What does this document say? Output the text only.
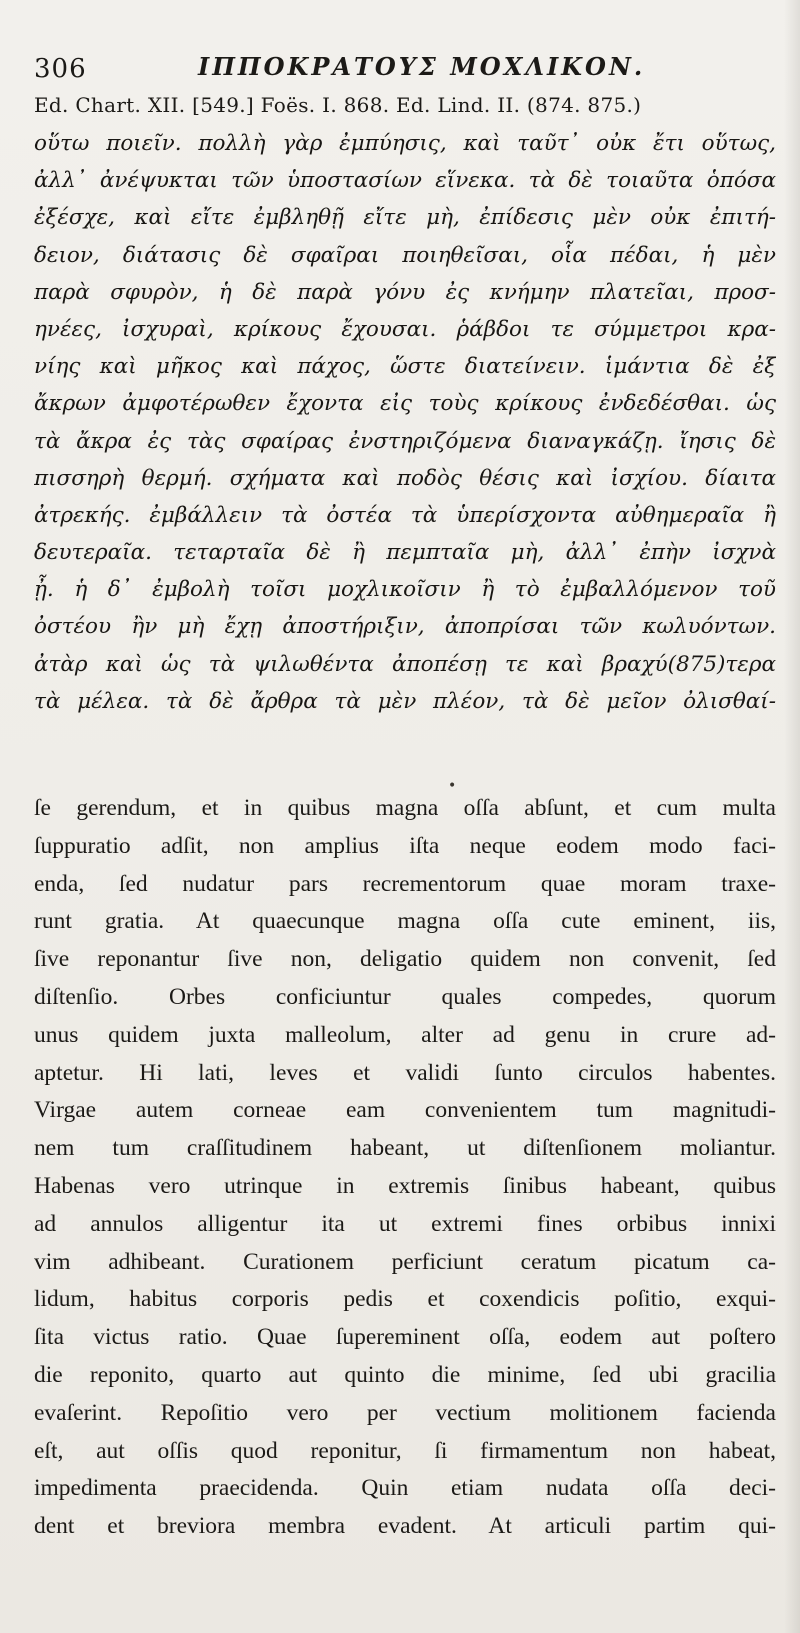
306	ΙΠΠΟΚΡΑΤΟΥΣ ΜΟΧΛΙΚΟΝ.
Ed. Chart. XII. [549.] Foës. I. 868. Ed. Lind. II. (874. 875.)
οὕτω ποιεῖν. πολλὴ γὰρ ἐμπύησις, καὶ ταῦτ᾿ οὐκ ἔτι οὕτως,
ἀλλ᾿ ἀνέψυκται τῶν ὑποστασίων εἵνεκα. τὰ δὲ τοιαῦτα ὁπόσα
ἐξέσχε, καὶ εἴτε ἐμβληθῇ εἴτε μὴ, ἐπίδεσις μὲν οὐκ ἐπιτή-
δειον, διάτασις δὲ σφαῖραι ποιηθεῖσαι, οἷα πέδαι, ἡ μὲν
παρὰ σφυρὸν, ἡ δὲ παρὰ γόνυ ἐς κνήμην πλατεῖαι, προσ-
ηνέες, ἰσχυραὶ, κρίκους ἔχουσαι. ῥάβδοι τε σύμμετροι κρα-
νίης καὶ μῆκος καὶ πάχος, ὥστε διατείνειν. ἱμάντια δὲ ἐξ
ἄκρων ἀμφοτέρωθεν ἔχοντα εἰς τοὺς κρίκους ἐνδεδέσθαι. ὡς
τὰ ἄκρα ἐς τὰς σφαίρας ἐνστηριζόμενα διαναγκάζῃ. ἴησις δὲ
πισσηρὴ θερμή. σχήματα καὶ ποδὸς θέσις καὶ ἰσχίου. δίαιτα
ἀτρεκής. ἐμβάλλειν τὰ ὀστέα τὰ ὑπερίσχοντα αὐθημεραῖα ἢ
δευτεραῖα. τεταρταῖα δὲ ἢ πεμπταῖα μὴ, ἀλλ᾿ ἐπὴν ἰσχνὰ
ᾖ. ἡ δ᾿ ἐμβολὴ τοῖσι μοχλικοῖσιν ἢ τὸ ἐμβαλλόμενον τοῦ
ὀστέου ἢν μὴ ἔχῃ ἀποστήριξιν, ἀποπρίσαι τῶν κωλυόντων.
ἀτὰρ καὶ ὡς τὰ ψιλωθέντα ἀποπέσῃ τε καὶ βραχύ(875)τερα
τὰ μέλεα. τὰ δὲ ἄρθρα τὰ μὲν πλέον, τὰ δὲ μεῖον ὀλισθαί-
•
ſe gerendum, et in quibus magna oſſa abſunt, et cum multa
ſuppuratio adſit, non amplius iſta neque eodem modo faci-
enda, ſed nudatur pars recrementorum quae moram traxe-
runt gratia. At quaecunque magna oſſa cute eminent, iis,
ſive reponantur ſive non, deligatio quidem non convenit, ſed
diſtenſio. Orbes conficiuntur quales compedes, quorum
unus quidem juxta malleolum, alter ad genu in crure ad-
aptetur. Hi lati, leves et validi ſunto circulos habentes.
Virgae autem corneae eam convenientem tum magnitudi-
nem tum craſſitudinem habeant, ut diſtenſionem moliantur.
Habenas vero utrinque in extremis ſinibus habeant, quibus
ad annulos alligentur ita ut extremi fines orbibus innixi
vim adhibeant. Curationem perficiunt ceratum picatum ca-
lidum, habitus corporis pedis et coxendicis poſitio, exqui-
ſita victus ratio. Quae ſupereminent oſſa, eodem aut poſtero
die reponito, quarto aut quinto die minime, ſed ubi gracilia
evaſerint. Repoſitio vero per vectium molitionem facienda
eſt, aut oſſis quod reponitur, ſi firmamentum non habeat,
impedimenta praecidenda. Quin etiam nudata oſſa deci-
dent et breviora membra evadent. At articuli partim qui-
